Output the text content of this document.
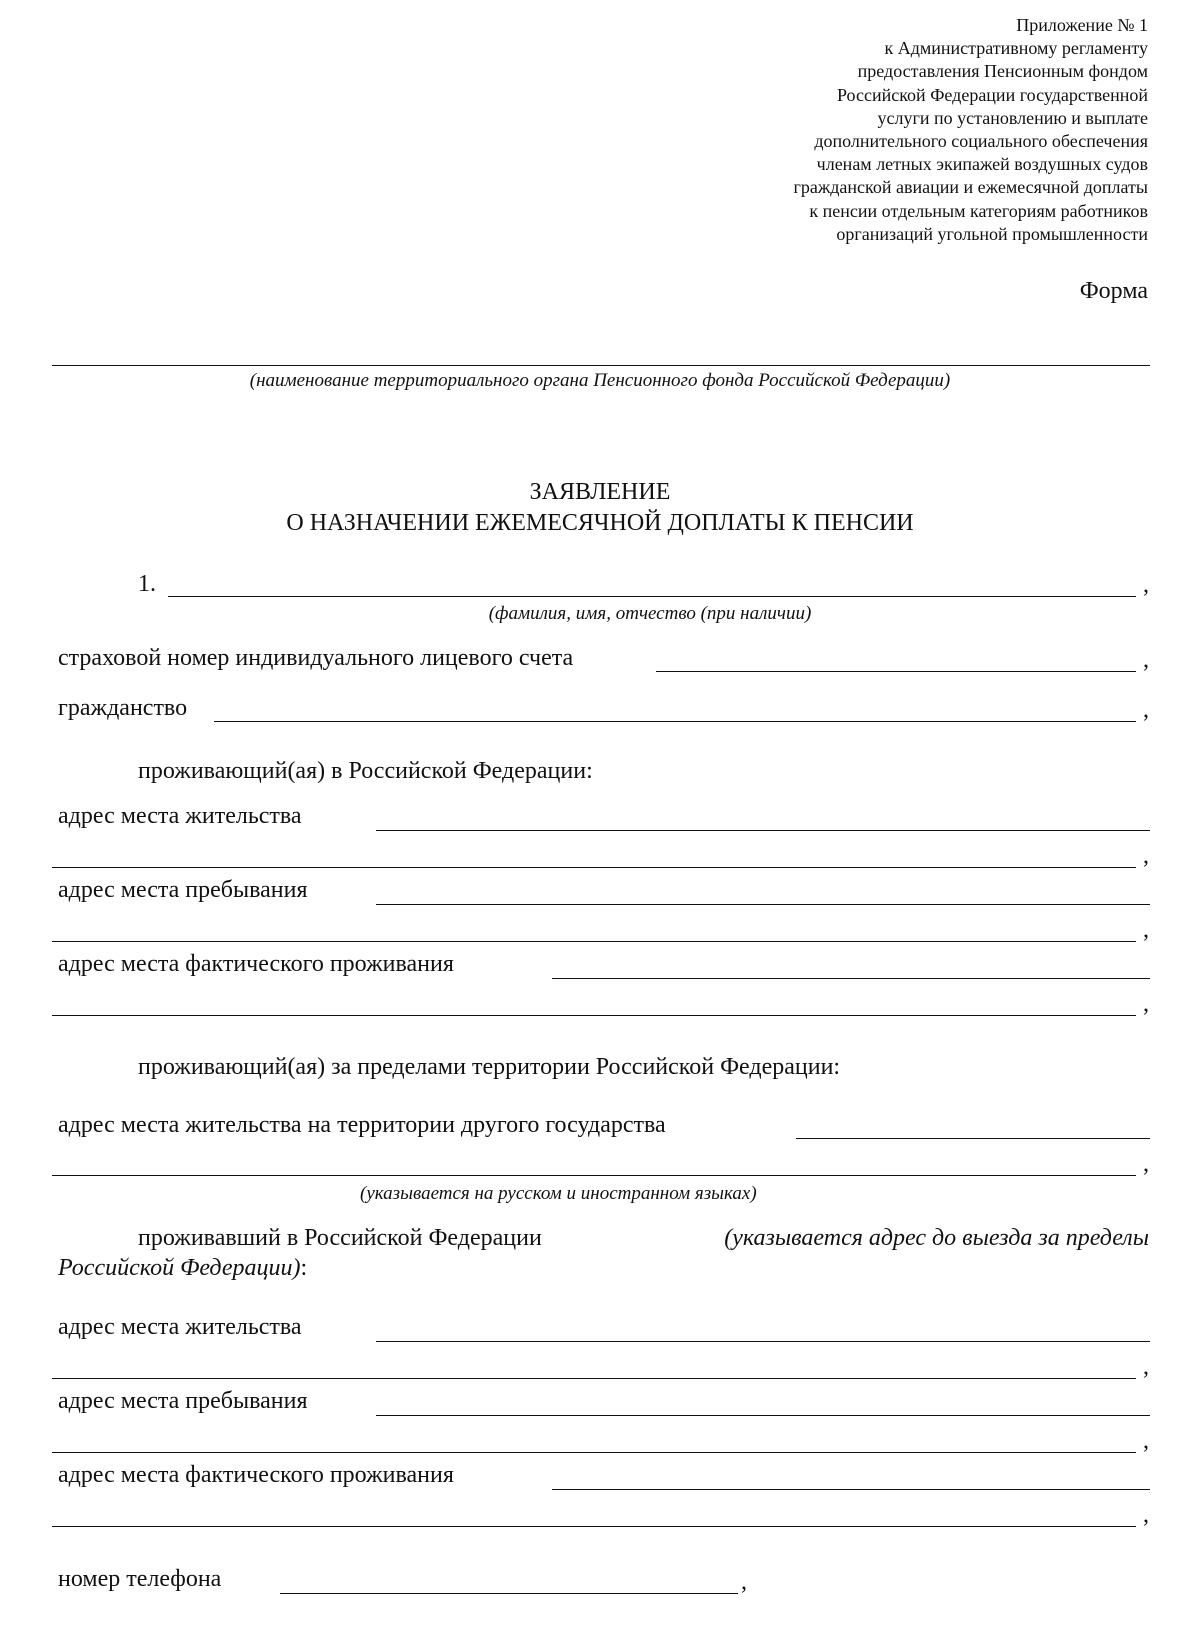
Приложение № 1
к Административному регламенту
предоставления Пенсионным фондом
Российской Федерации государственной
услуги по установлению и выплате
дополнительного социального обеспечения
членам летных экипажей воздушных судов
гражданской авиации и ежемесячной доплаты
к пенсии отдельным категориям работников
организаций угольной промышленности
Форма
(наименование территориального органа Пенсионного фонда Российской Федерации)
ЗАЯВЛЕНИЕ
О НАЗНАЧЕНИИ ЕЖЕМЕСЯЧНОЙ ДОПЛАТЫ К ПЕНСИИ
1.	,
(фамилия, имя, отчество (при наличии)
страховой номер индивидуального лицевого счета	,
гражданство	,
проживающий(ая) в Российской Федерации:
адрес места жительства
,
адрес места пребывания
,
адрес места фактического проживания
,
проживающий(ая) за пределами территории Российской Федерации:
адрес места жительства на территории другого государства
,
(указывается на русском и иностранном языках)
проживавший в Российской Федерации	(указывается адрес до выезда за пределы
Российской Федерации):
адрес места жительства
,
адрес места пребывания
,
адрес места фактического проживания
,
номер телефона	,
